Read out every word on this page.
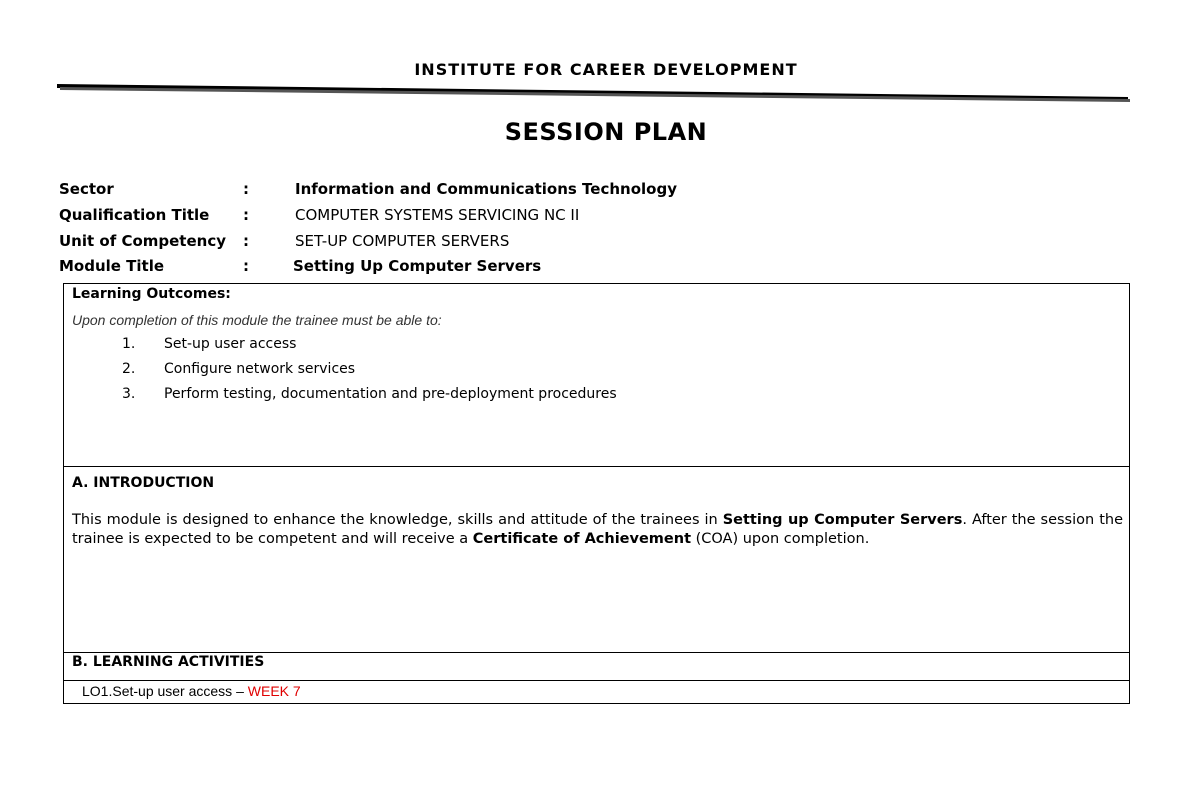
INSTITUTE FOR CAREER DEVELOPMENT
SESSION PLAN
Sector	:	Information and Communications Technology
Qualification Title :	COMPUTER SYSTEMS SERVICING NC II
Unit of Competency :	SET-UP COMPUTER SERVERS
Module Title	:	Setting Up Computer Servers
Learning Outcomes:
Upon completion of this module the trainee must be able to:
1. Set-up user access
2. Configure network services
3. Perform testing, documentation and pre-deployment procedures
A. INTRODUCTION
This module is designed to enhance the knowledge, skills and attitude of the trainees in Setting up Computer Servers. After the session the trainee is expected to be competent and will receive a Certificate of Achievement (COA) upon completion.
B. LEARNING ACTIVITIES
LO1.Set-up user access – WEEK 7
